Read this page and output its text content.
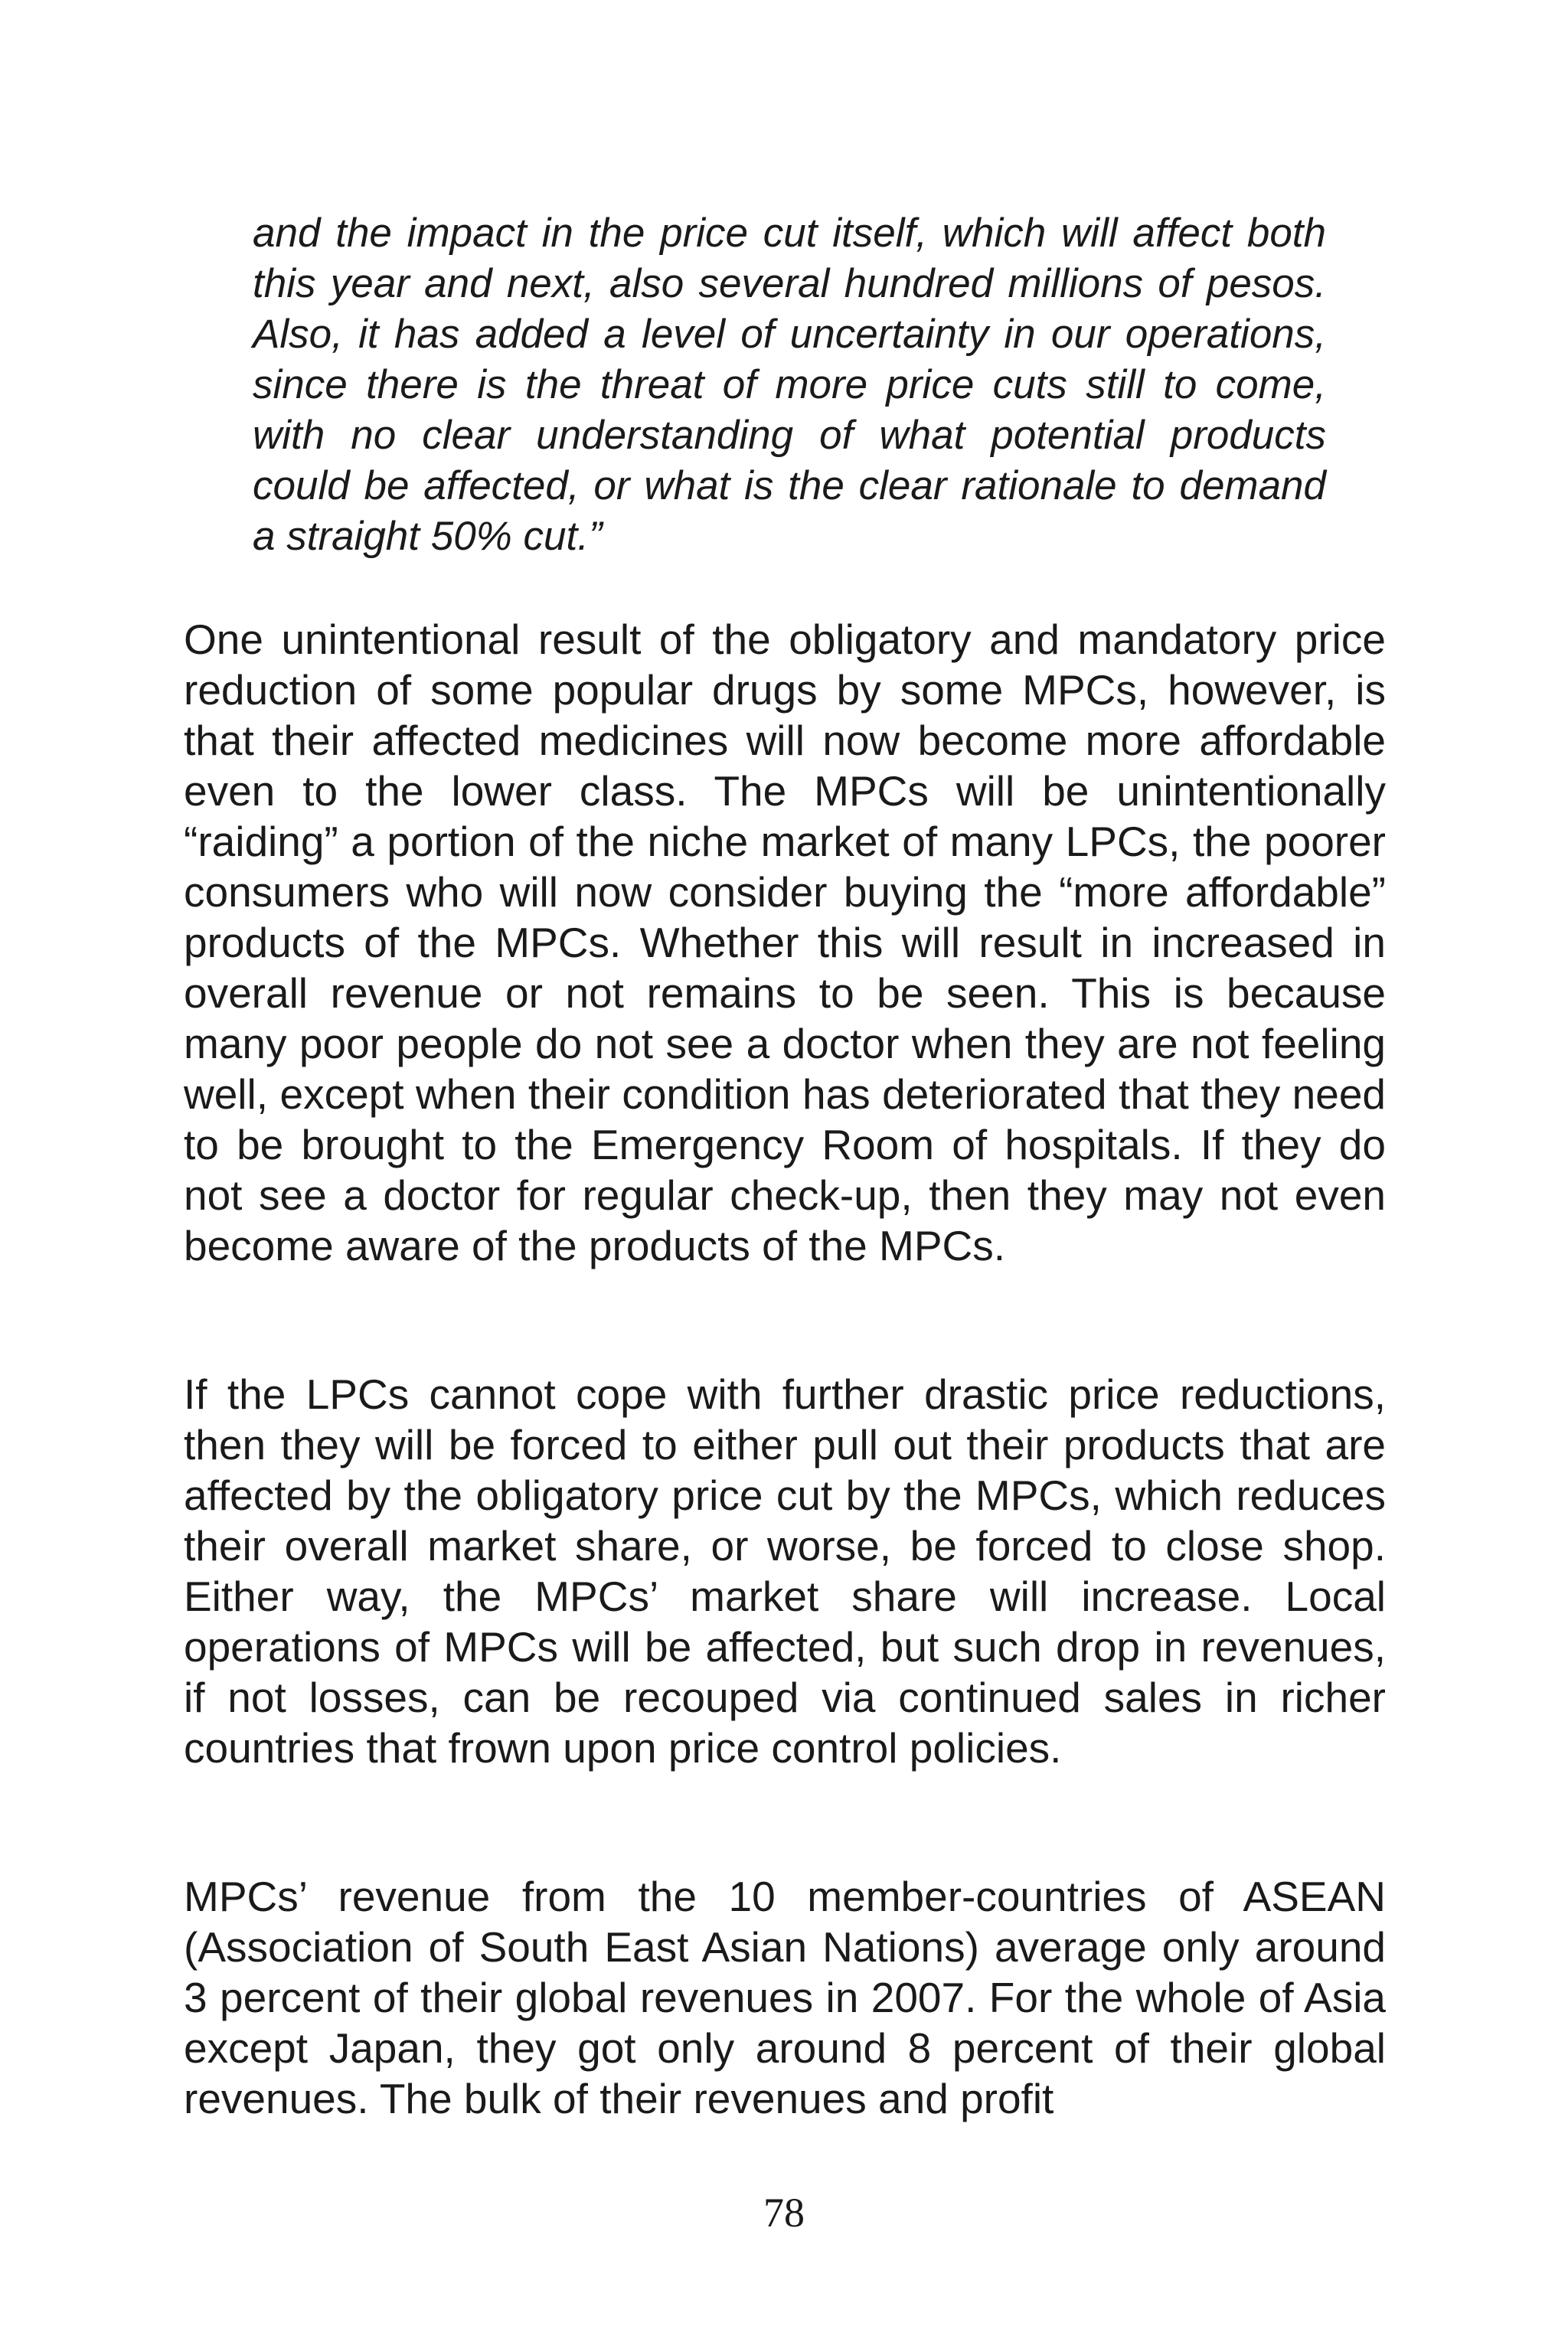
and the impact in the price cut itself, which will affect both this year and next, also several hundred millions of pesos. Also, it has added a level of uncertainty in our operations, since there is the threat of more price cuts still to come, with no clear understanding of what potential products could be affected, or what is the clear rationale to demand a straight 50% cut.”

One unintentional result of the obligatory and mandatory price reduction of some popular drugs by some MPCs, however, is that their affected medicines will now become more affordable even to the lower class. The MPCs will be unintentionally “raiding” a portion of the niche market of many LPCs, the poorer consumers who will now consider buying the “more affordable” products of the MPCs. Whether this will result in increased in overall revenue or not remains to be seen. This is because many poor people do not see a doctor when they are not feeling well, except when their condition has deteriorated that they need to be brought to the Emergency Room of hospitals. If they do not see a doctor for regular check-up, then they may not even become aware of the products of the MPCs.

If the LPCs cannot cope with further drastic price reductions, then they will be forced to either pull out their products that are affected by the obligatory price cut by the MPCs, which reduces their overall market share, or worse, be forced to close shop. Either way, the MPCs’ market share will increase. Local operations of MPCs will be affected, but such drop in revenues, if not losses, can be recouped via continued sales in richer countries that frown upon price control policies.

MPCs’ revenue from the 10 member-countries of ASEAN (Association of South East Asian Nations) average only around 3 percent of their global revenues in 2007. For the whole of Asia except Japan, they got only around 8 percent of their global revenues. The bulk of their revenues and profit

78
